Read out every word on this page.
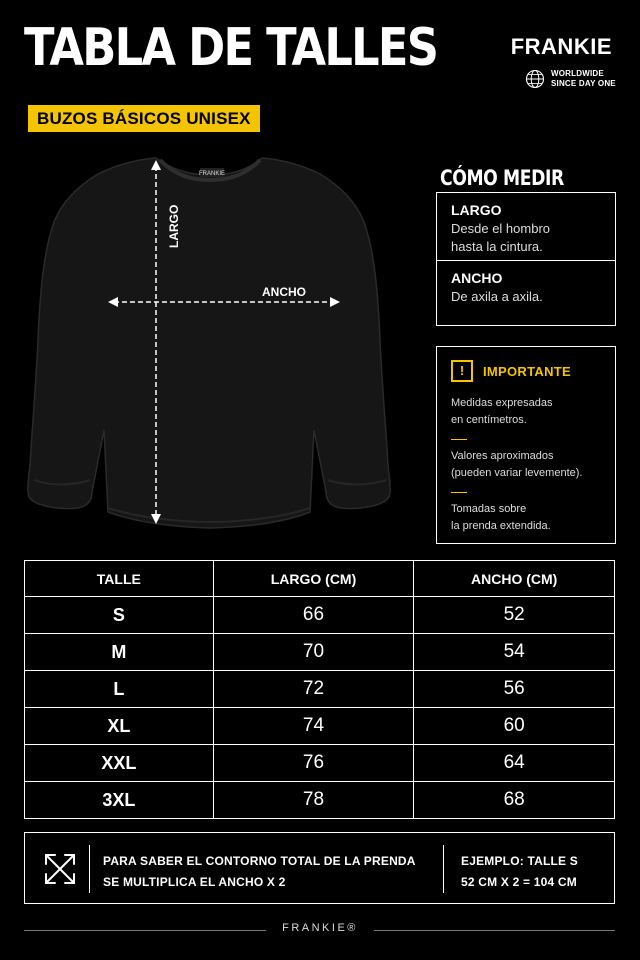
TABLA DE TALLES
BUZOS BÁSICOS UNISEX
FRANKIE
WORLDWIDE
SINCE DAY ONE
FRANKIE
LARGO
ANCHO
CÓMO MEDIR
LARGO
Desde el hombro
hasta la cintura.
ANCHO
De axila a axila.
!	IMPORTANTE
Medidas expresadas
en centímetros.
Valores aproximados
(pueden variar levemente).
Tomadas sobre
la prenda extendida.
TALLE	LARGO (CM)	ANCHO (CM)
S	66	52
M	70	54
L	72	56
XL	74	60
XXL	76	64
3XL	78	68
PARA SABER EL CONTORNO TOTAL DE LA PRENDA
SE MULTIPLICA EL ANCHO X 2
EJEMPLO: TALLE S
52 CM X 2 = 104 CM
FRANKIE®
